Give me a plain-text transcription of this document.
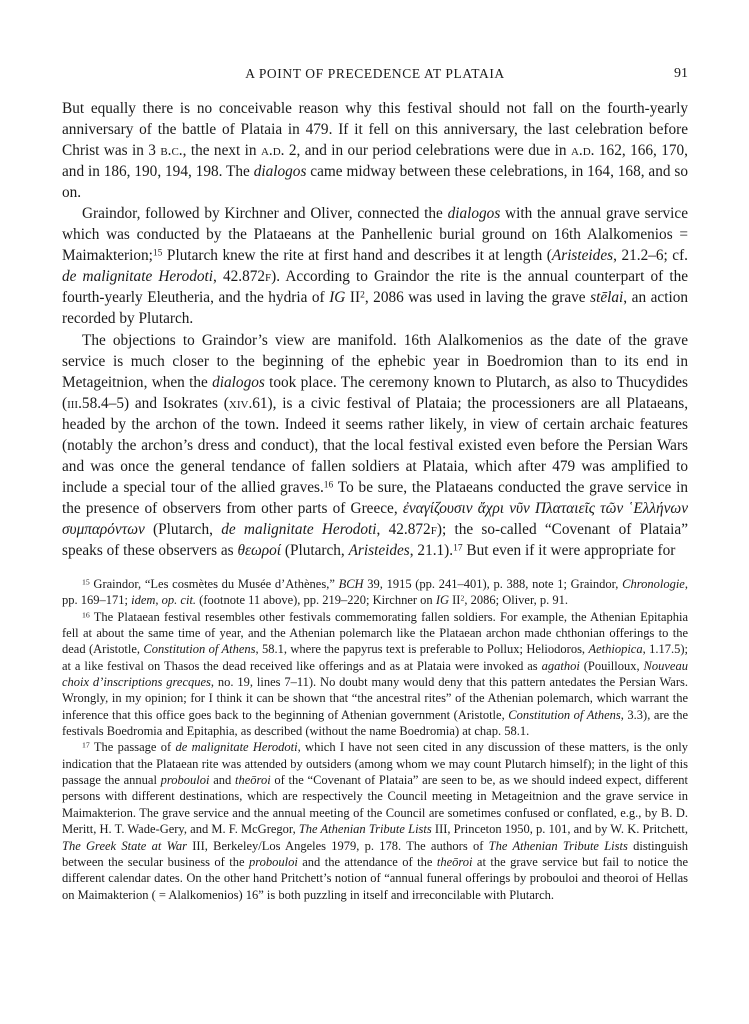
A POINT OF PRECEDENCE AT PLATAIA	91

But equally there is no conceivable reason why this festival should not fall on the fourth-yearly anniversary of the battle of Plataia in 479. If it fell on this anniversary, the last celebration before Christ was in 3 b.c., the next in a.d. 2, and in our period celebrations were due in a.d. 162, 166, 170, and in 186, 190, 194, 198. The dialogos came midway between these celebrations, in 164, 168, and so on.

Graindor, followed by Kirchner and Oliver, connected the dialogos with the annual grave service which was conducted by the Plataeans at the Panhellenic burial ground on 16th Alalkomenios = Maimakterion;$^{15}$ Plutarch knew the rite at first hand and describes it at length (Aristeides, 21.2–6; cf. de malignitate Herodoti, 42.872f). According to Graindor the rite is the annual counterpart of the fourth-yearly Eleutheria, and the hydria of IG $II^2$, 2086 was used in laving the grave stēlai, an action recorded by Plutarch.

The objections to Graindor’s view are manifold. 16th Alalkomenios as the date of the grave service is much closer to the beginning of the ephebic year in Boedromion than to its end in Metageitnion, when the dialogos took place. The ceremony known to Plutarch, as also to Thucydides (iii.58.4–5) and Isokrates (xiv.61), is a civic festival of Plataia; the processioners are all Plataeans, headed by the archon of the town. Indeed it seems rather likely, in view of certain archaic features (notably the archon’s dress and conduct), that the local festival existed even before the Persian Wars and was once the general tendance of fallen soldiers at Plataia, which after 479 was amplified to include a special tour of the allied graves.$^{16}$ To be sure, the Plataeans conducted the grave service in the presence of observers from other parts of Greece, ἐναγίζουσιν ἄχρι νῦν Πλαταιεῖς τῶν ῾Ελλήνων συμπαρόντων (Plutarch, de malignitate Herodoti, 42.872f); the so-called “Covenant of Plataia” speaks of these observers as θεωροί (Plutarch, Aristeides, 21.1).$^{17}$ But even if it were appropriate for

$^{15}$ Graindor, “Les cosmètes du Musée d’Athènes,” BCH 39, 1915 (pp. 241–401), p. 388, note 1; Graindor, Chronologie, pp. 169–171; idem, op. cit. (footnote 11 above), pp. 219–220; Kirchner on IG $II^2$, 2086; Oliver, p. 91.

$^{16}$ The Plataean festival resembles other festivals commemorating fallen soldiers. For example, the Athenian Epitaphia fell at about the same time of year, and the Athenian polemarch like the Plataean archon made chthonian offerings to the dead (Aristotle, Constitution of Athens, 58.1, where the papyrus text is preferable to Pollux; Heliodoros, Aethiopica, 1.17.5); at a like festival on Thasos the dead received like offerings and as at Plataia were invoked as agathoi (Pouilloux, Nouveau choix d’inscriptions grecques, no. 19, lines 7–11). No doubt many would deny that this pattern antedates the Persian Wars. Wrongly, in my opinion; for I think it can be shown that “the ancestral rites” of the Athenian polemarch, which warrant the inference that this office goes back to the beginning of Athenian government (Aristotle, Constitution of Athens, 3.3), are the festivals Boedromia and Epitaphia, as described (without the name Boedromia) at chap. 58.1.

$^{17}$ The passage of de malignitate Herodoti, which I have not seen cited in any discussion of these matters, is the only indication that the Plataean rite was attended by outsiders (among whom we may count Plutarch himself); in the light of this passage the annual probouloi and theōroi of the “Covenant of Plataia” are seen to be, as we should indeed expect, different persons with different destinations, which are respectively the Council meeting in Metageitnion and the grave service in Maimakterion. The grave service and the annual meeting of the Council are sometimes confused or conflated, e.g., by B. D. Meritt, H. T. Wade-Gery, and M. F. McGregor, The Athenian Tribute Lists III, Princeton 1950, p. 101, and by W. K. Pritchett, The Greek State at War III, Berkeley/Los Angeles 1979, p. 178. The authors of The Athenian Tribute Lists distinguish between the secular business of the probouloi and the attendance of the theōroi at the grave service but fail to notice the different calendar dates. On the other hand Pritchett’s notion of “annual funeral offerings by probouloi and theoroi of Hellas on Maimakterion ( = Alalkomenios) 16” is both puzzling in itself and irreconcilable with Plutarch.
